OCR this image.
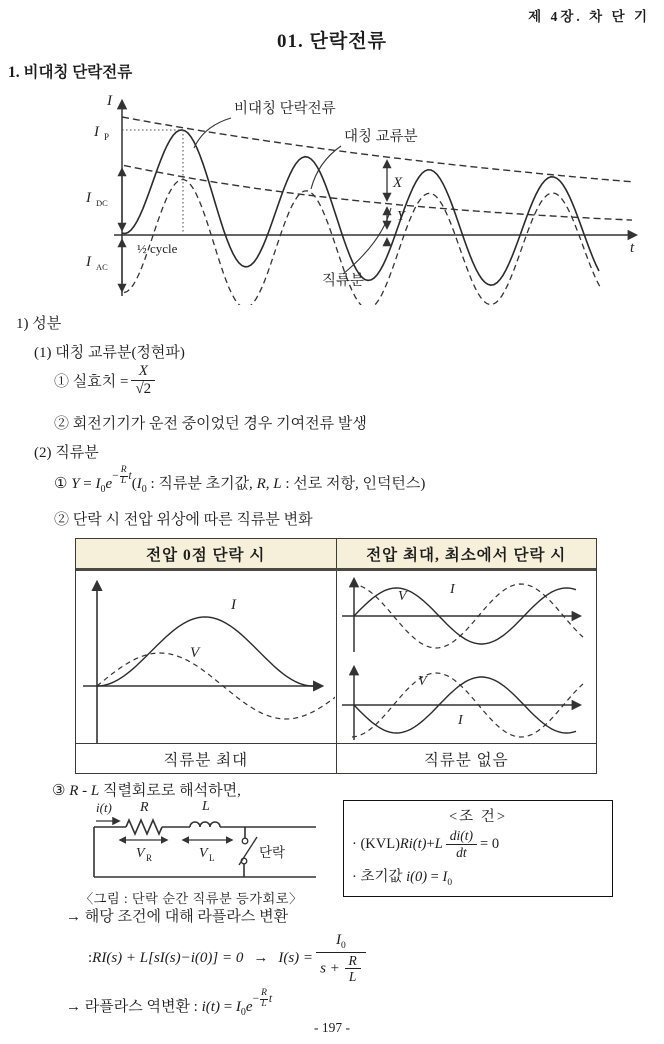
제 4장. 차 단 기
01. 단락전류
1. 비대칭 단락전류
I
t
I P
I DC
I AC
½ cycle
비대칭 단락전류
대칭 교류분
직류분
X
Y
1) 성분
(1) 대칭 교류분(정현파)
① 실효치 = $\frac{X}{√2}$
② 회전기기가 운전 중이었던 경우 기여전류 발생
(2) 직류분
① $Y = I_0e - \frac{R}{L}$ t ($I_0$ : 직류분 초기값, R, L : 선로 저항, 인덕턴스)
② 단락 시 전압 위상에 따른 직류분 변화
전압 0점 단락 시	전압 최대, 최소에서 단락 시
I
V
V	I
V
I
직류분 최대	직류분 없음
③ R - L 직렬회로로 해석하면,
i(t) R	L
V R	V L	단락
〈그림 : 단락 순간 직류분 등가회로〉
<조 건>
· (KVL) Ri(t) + L $\frac{di(t)}{dt} = 0$
· 초기값 $i(0) = I_0$
→ 해당 조건에 대해 라플라스 변환
: $RI(s) + L[sI(s)-i(0)] = 0 \to I(s) = \frac{I_0}{s + \frac{R}{L}}$
→ 라플라스 역변환 : $i(t) = I_0e - \frac{R}{L}$ t
- 197 -
